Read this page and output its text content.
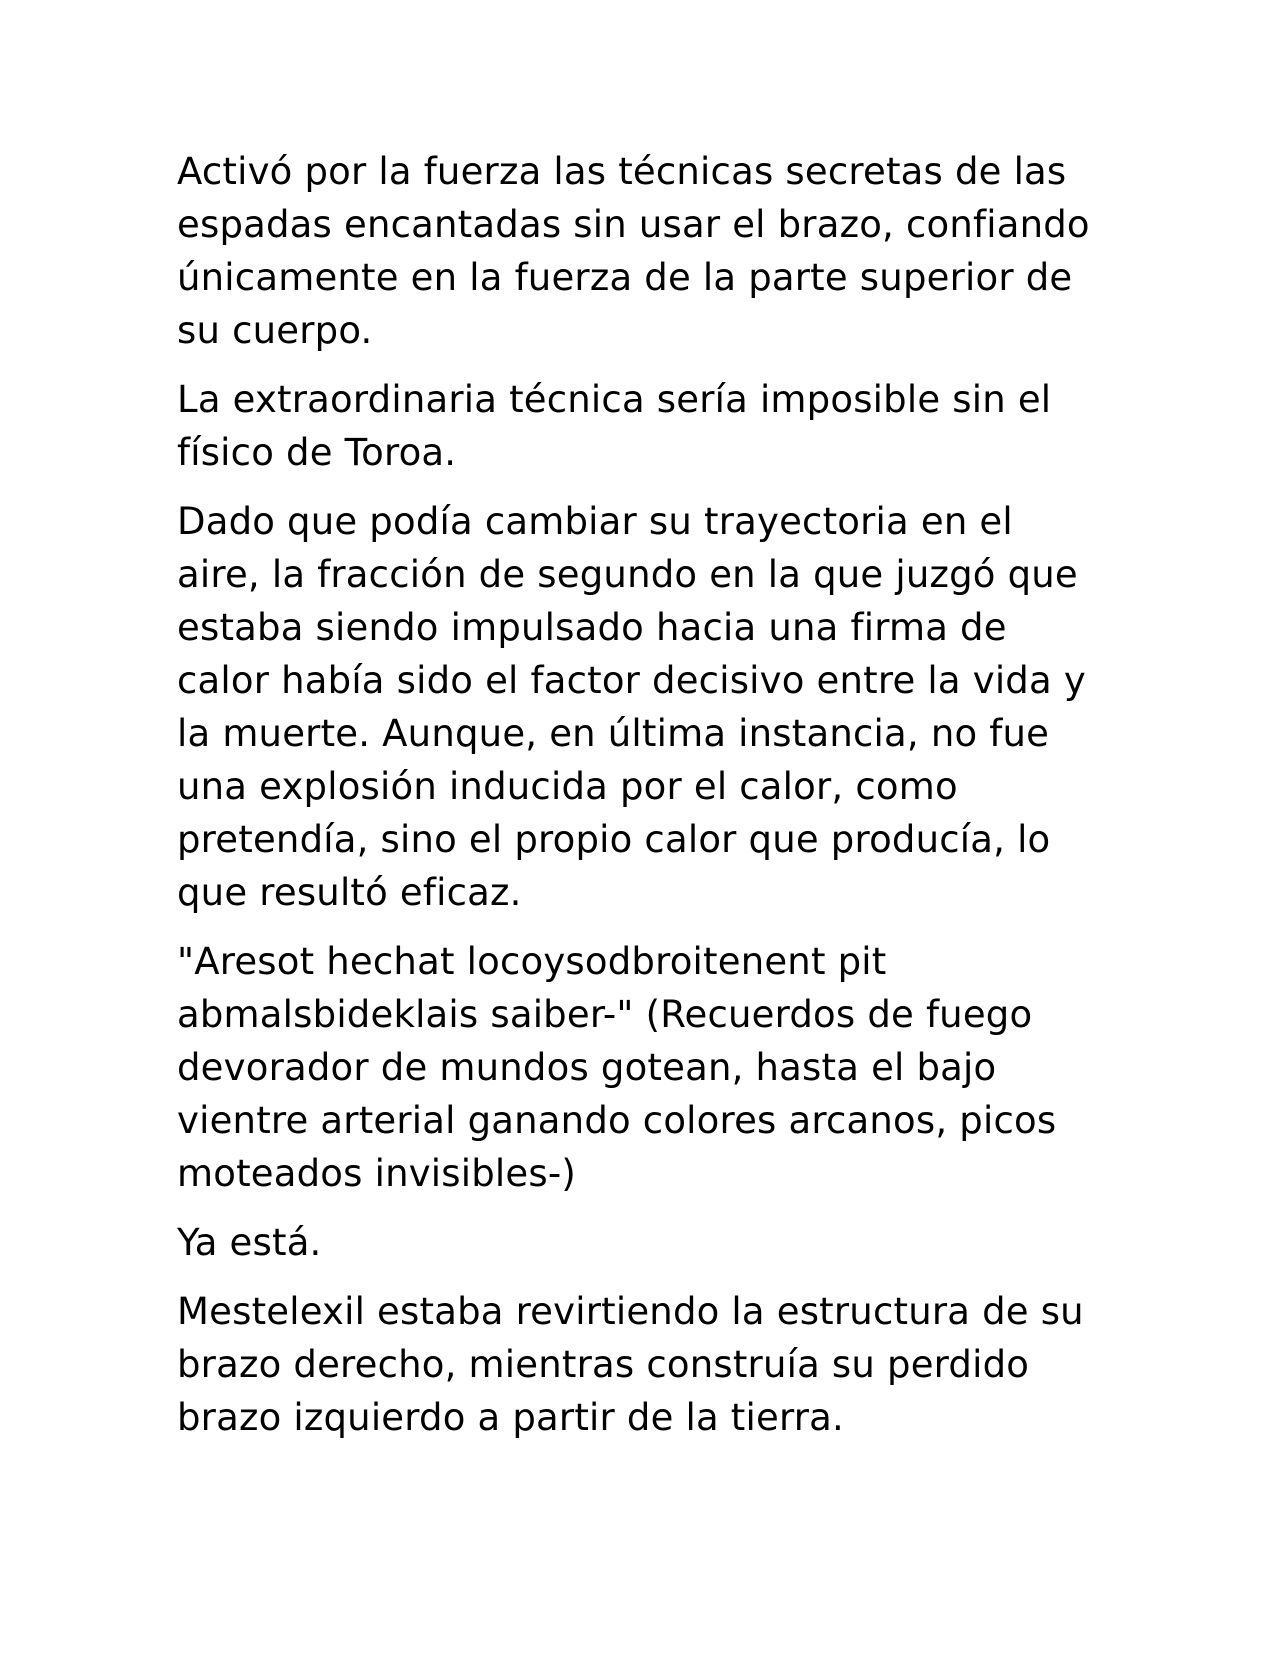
Activó por la fuerza las técnicas secretas de las espadas encantadas sin usar el brazo, confiando únicamente en la fuerza de la parte superior de su cuerpo.

La extraordinaria técnica sería imposible sin el físico de Toroa.

Dado que podía cambiar su trayectoria en el aire, la fracción de segundo en la que juzgó que estaba siendo impulsado hacia una firma de calor había sido el factor decisivo entre la vida y la muerte. Aunque, en última instancia, no fue una explosión inducida por el calor, como pretendía, sino el propio calor que producía, lo que resultó eficaz.

"Aresot hechat locoysodbroitenent pit abmalsbideklais saiber-" (Recuerdos de fuego devorador de mundos gotean, hasta el bajo vientre arterial ganando colores arcanos, picos moteados invisibles-)

Ya está.

Mestelexil estaba revirtiendo la estructura de su brazo derecho, mientras construía su perdido brazo izquierdo a partir de la tierra.
